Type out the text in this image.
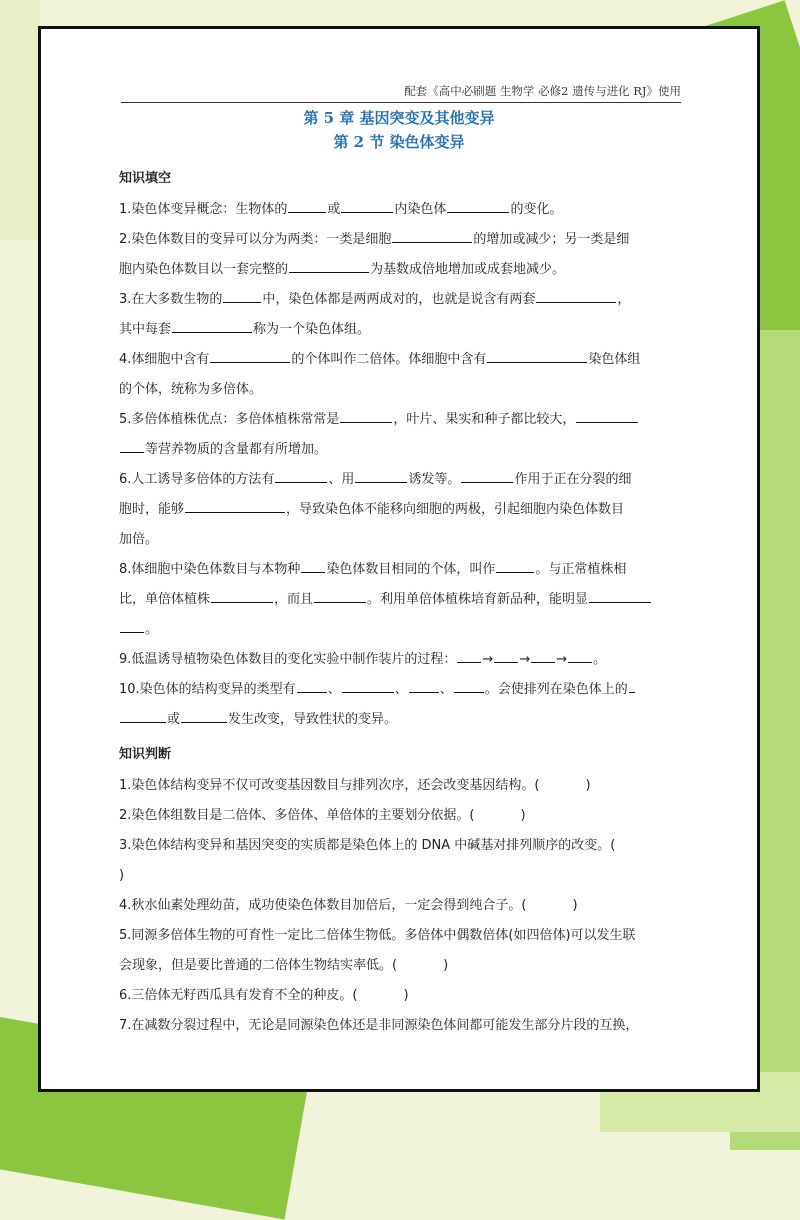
配套《高中必刷题 生物学 必修2 遗传与进化 RJ》使用
第 5 章 基因突变及其他变异
第 2 节 染色体变异
知识填空
1.染色体变异概念：生物体的	或	内染色体	的变化。
2.染色体数目的变异可以分为两类：一类是细胞	的增加或减少；另一类是细
胞内染色体数目以一套完整的	为基数成倍地增加或成套地减少。
3.在大多数生物的	中，染色体都是两两成对的，也就是说含有两套	，
其中每套	称为一个染色体组。
4.体细胞中含有	的个体叫作二倍体。体细胞中含有	染色体组
的个体，统称为多倍体。
5.多倍体植株优点：多倍体植株常常是	，叶片、果实和种子都比较大，
等营养物质的含量都有所增加。
6.人工诱导多倍体的方法有	、用	诱发等。	作用于正在分裂的细
胞时，能够	，导致染色体不能移向细胞的两极，引起细胞内染色体数目
加倍。
8.体细胞中染色体数目与本物种 染色体数目相同的个体，叫作	。与正常植株相
比，单倍体植株	，而且	。利用单倍体植株培育新品种，能明显
。
9.低温诱导植物染色体数目的变化实验中制作装片的过程： → → → 。
10.染色体的结构变异的类型有 、	、 、 。会使排列在染色体上的
或	发生改变，导致性状的变异。
知识判断
1.染色体结构变异不仅可改变基因数目与排列次序，还会改变基因结构。(	)
2.染色体组数目是二倍体、多倍体、单倍体的主要划分依据。(	)
3.染色体结构变异和基因突变的实质都是染色体上的 DNA 中碱基对排列顺序的改变。(
)
4.秋水仙素处理幼苗，成功使染色体数目加倍后，一定会得到纯合子。(	)
5.同源多倍体生物的可育性一定比二倍体生物低。多倍体中偶数倍体(如四倍体)可以发生联
会现象，但是要比普通的二倍体生物结实率低。(	)
6.三倍体无籽西瓜具有发育不全的种皮。(	)
7.在减数分裂过程中，无论是同源染色体还是非同源染色体间都可能发生部分片段的互换，
